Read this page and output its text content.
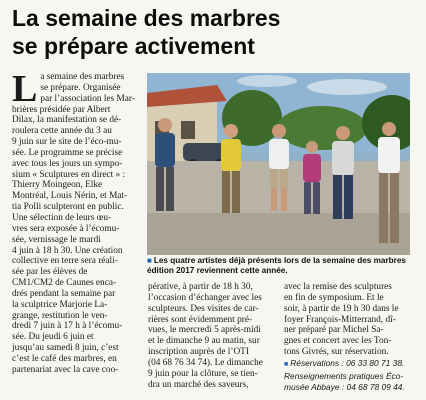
La semaine des marbres
se prépare activement
L a semaine des marbres
se prépare. Organisée
par l’association les Mar-
brières présidée par Albert
Dilax, la manifestation se dé-
roulera cette année du 3 au
9 juin sur le site de l’éco-mu-
sée. Le programme se précise
avec tous les jours un sympo-
sium « Sculptures en direct » :
Thierry Moingeon, Elke
Montréal, Louis Nérin, et Mat-
tia Polli sculpteront en public.
Une sélection de leurs œu-
vres sera exposée à l’écomu-
sée, vernissage le mardi
4 juin à 18 h 30. Une création
collective en terre sera réali-
sée par les élèves de
CM1/CM2 de Caunes enca-
drés pendant la semaine par
la sculptrice Marjorie La-
grange, restitution le ven-
dredi 7 juin à 17 h à l’écomu-
sée. Du jeudi 6 juin et
jusqu’au samedi 8 juin, c’est
c’est le café des marbres, en
partenariat avec la cave coo-
■ Les quatre artistes déjà présents lors de la semaine des marbres édition 2017 reviennent cette année.
pérative, à partir de 18 h 30,
l’occasion d’échanger avec les
sculpteurs. Des visites de car-
rières sont évidemment pré-
vues, le mercredi 5 après-midi
et le dimanche 9 au matin, sur
inscription auprès de l’OTI
(04 68 76 34 74). Le dimanche
9 juin pour la clôture, se tien-
dra un marché des saveurs,
avec la remise des sculptures
en fin de symposium. Et le
soir, à partir de 19 h 30 dans le
foyer François-Mitterrand, dî-
ner préparé par Michel Sa-
gnes et concert avec les Ton-
tons Givrés, sur réservation.
■ Réservations : 06 33 80 71 38.
Renseignements pratiques Éco-
musée Abbaye : 04 68 78 09 44.
